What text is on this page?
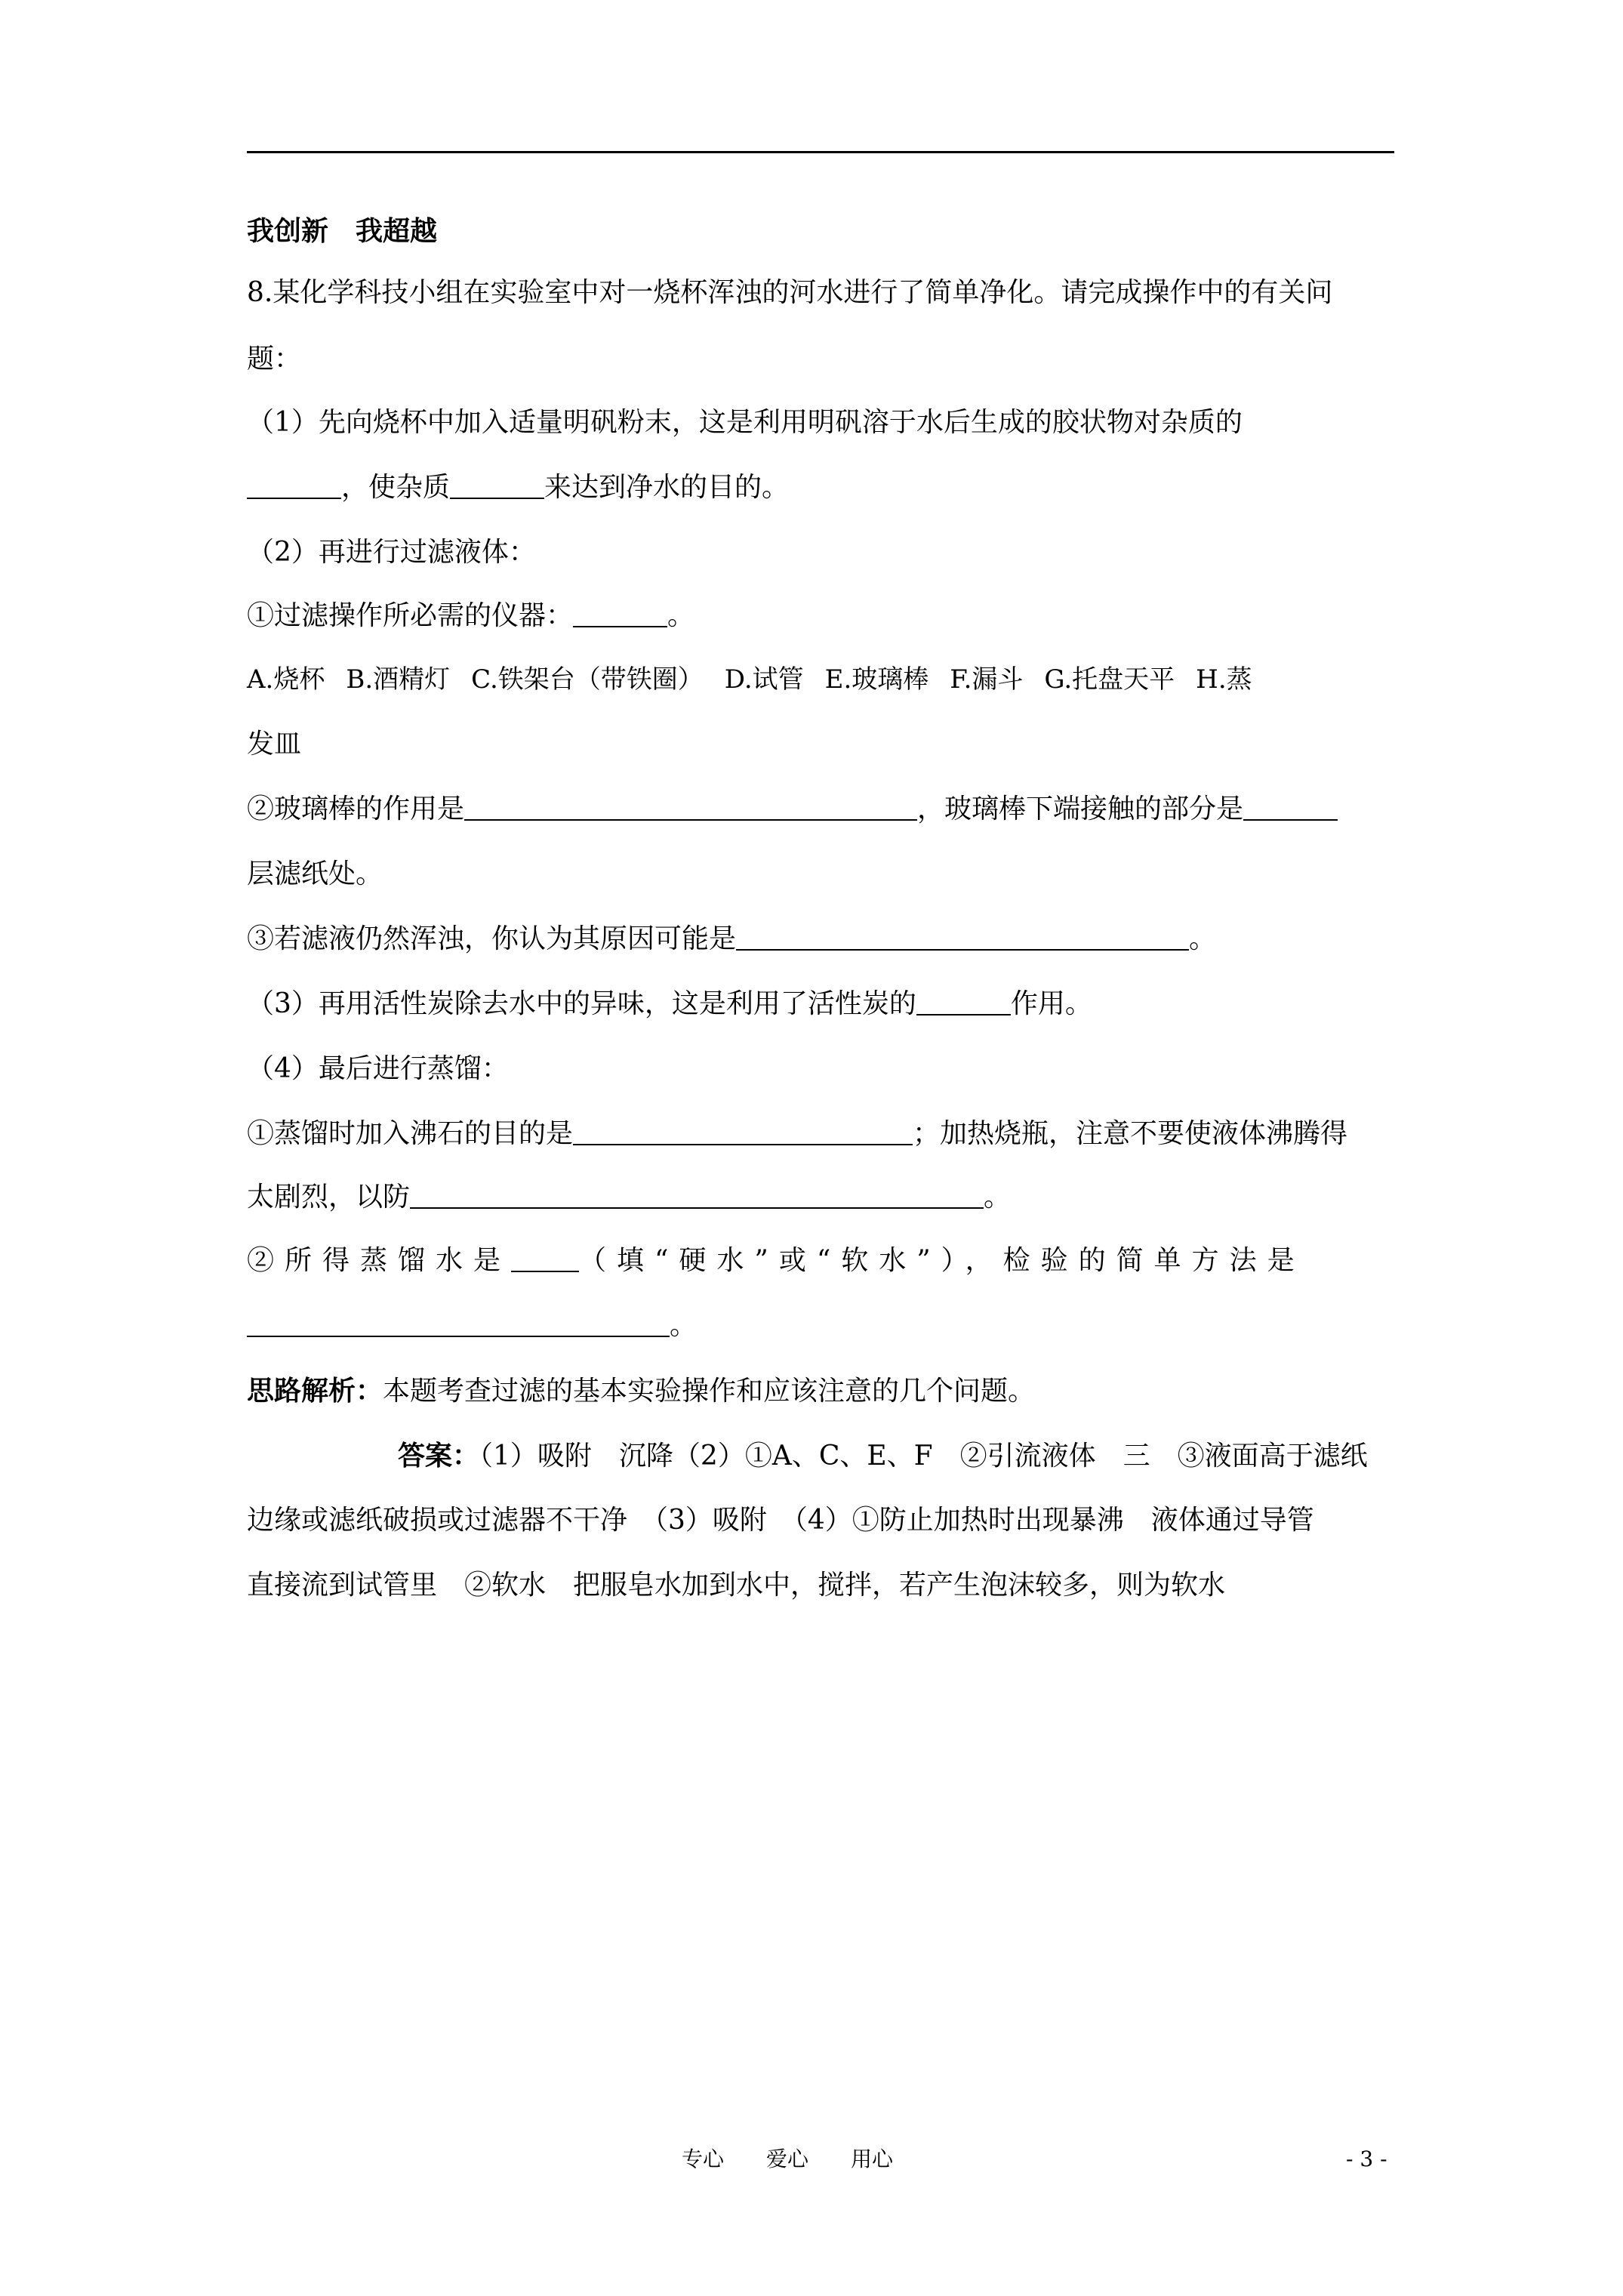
我创新　我超越
8.某化学科技小组在实验室中对一烧杯浑浊的河水进行了简单净化。请完成操作中的有关问
题：
（1）先向烧杯中加入适量明矾粉末，这是利用明矾溶于水后生成的胶状物对杂质的
，使杂质	来达到净水的目的。
（2）再进行过滤液体：
①过滤操作所必需的仪器：	。
A.烧杯 B.酒精灯 C.铁架台（带铁圈） D.试管 E.玻璃棒 F.漏斗 G.托盘天平 H.蒸
发皿
②玻璃棒的作用是	，玻璃棒下端接触的部分是
层滤纸处。
③若滤液仍然浑浊，你认为其原因可能是	。
（3）再用活性炭除去水中的异味，这是利用了活性炭的	作用。
（4）最后进行蒸馏：
①蒸馏时加入沸石的目的是	；加热烧瓶，注意不要使液体沸腾得
太剧烈，以防	。
②所得蒸馏水是	（填“硬水”或“软水”），检验的简单方法是
。
思路解析：本题考查过滤的基本实验操作和应该注意的几个问题。
答案：（1）吸附　沉降（2）①A、C、E、F　②引流液体　三　③液面高于滤纸
边缘或滤纸破损或过滤器不干净　（3）吸附　（4）①防止加热时出现暴沸　液体通过导管
直接流到试管里　②软水　把服皂水加到水中，搅拌，若产生泡沫较多，则为软水
专心　　爱心　　用心	- 3 -
